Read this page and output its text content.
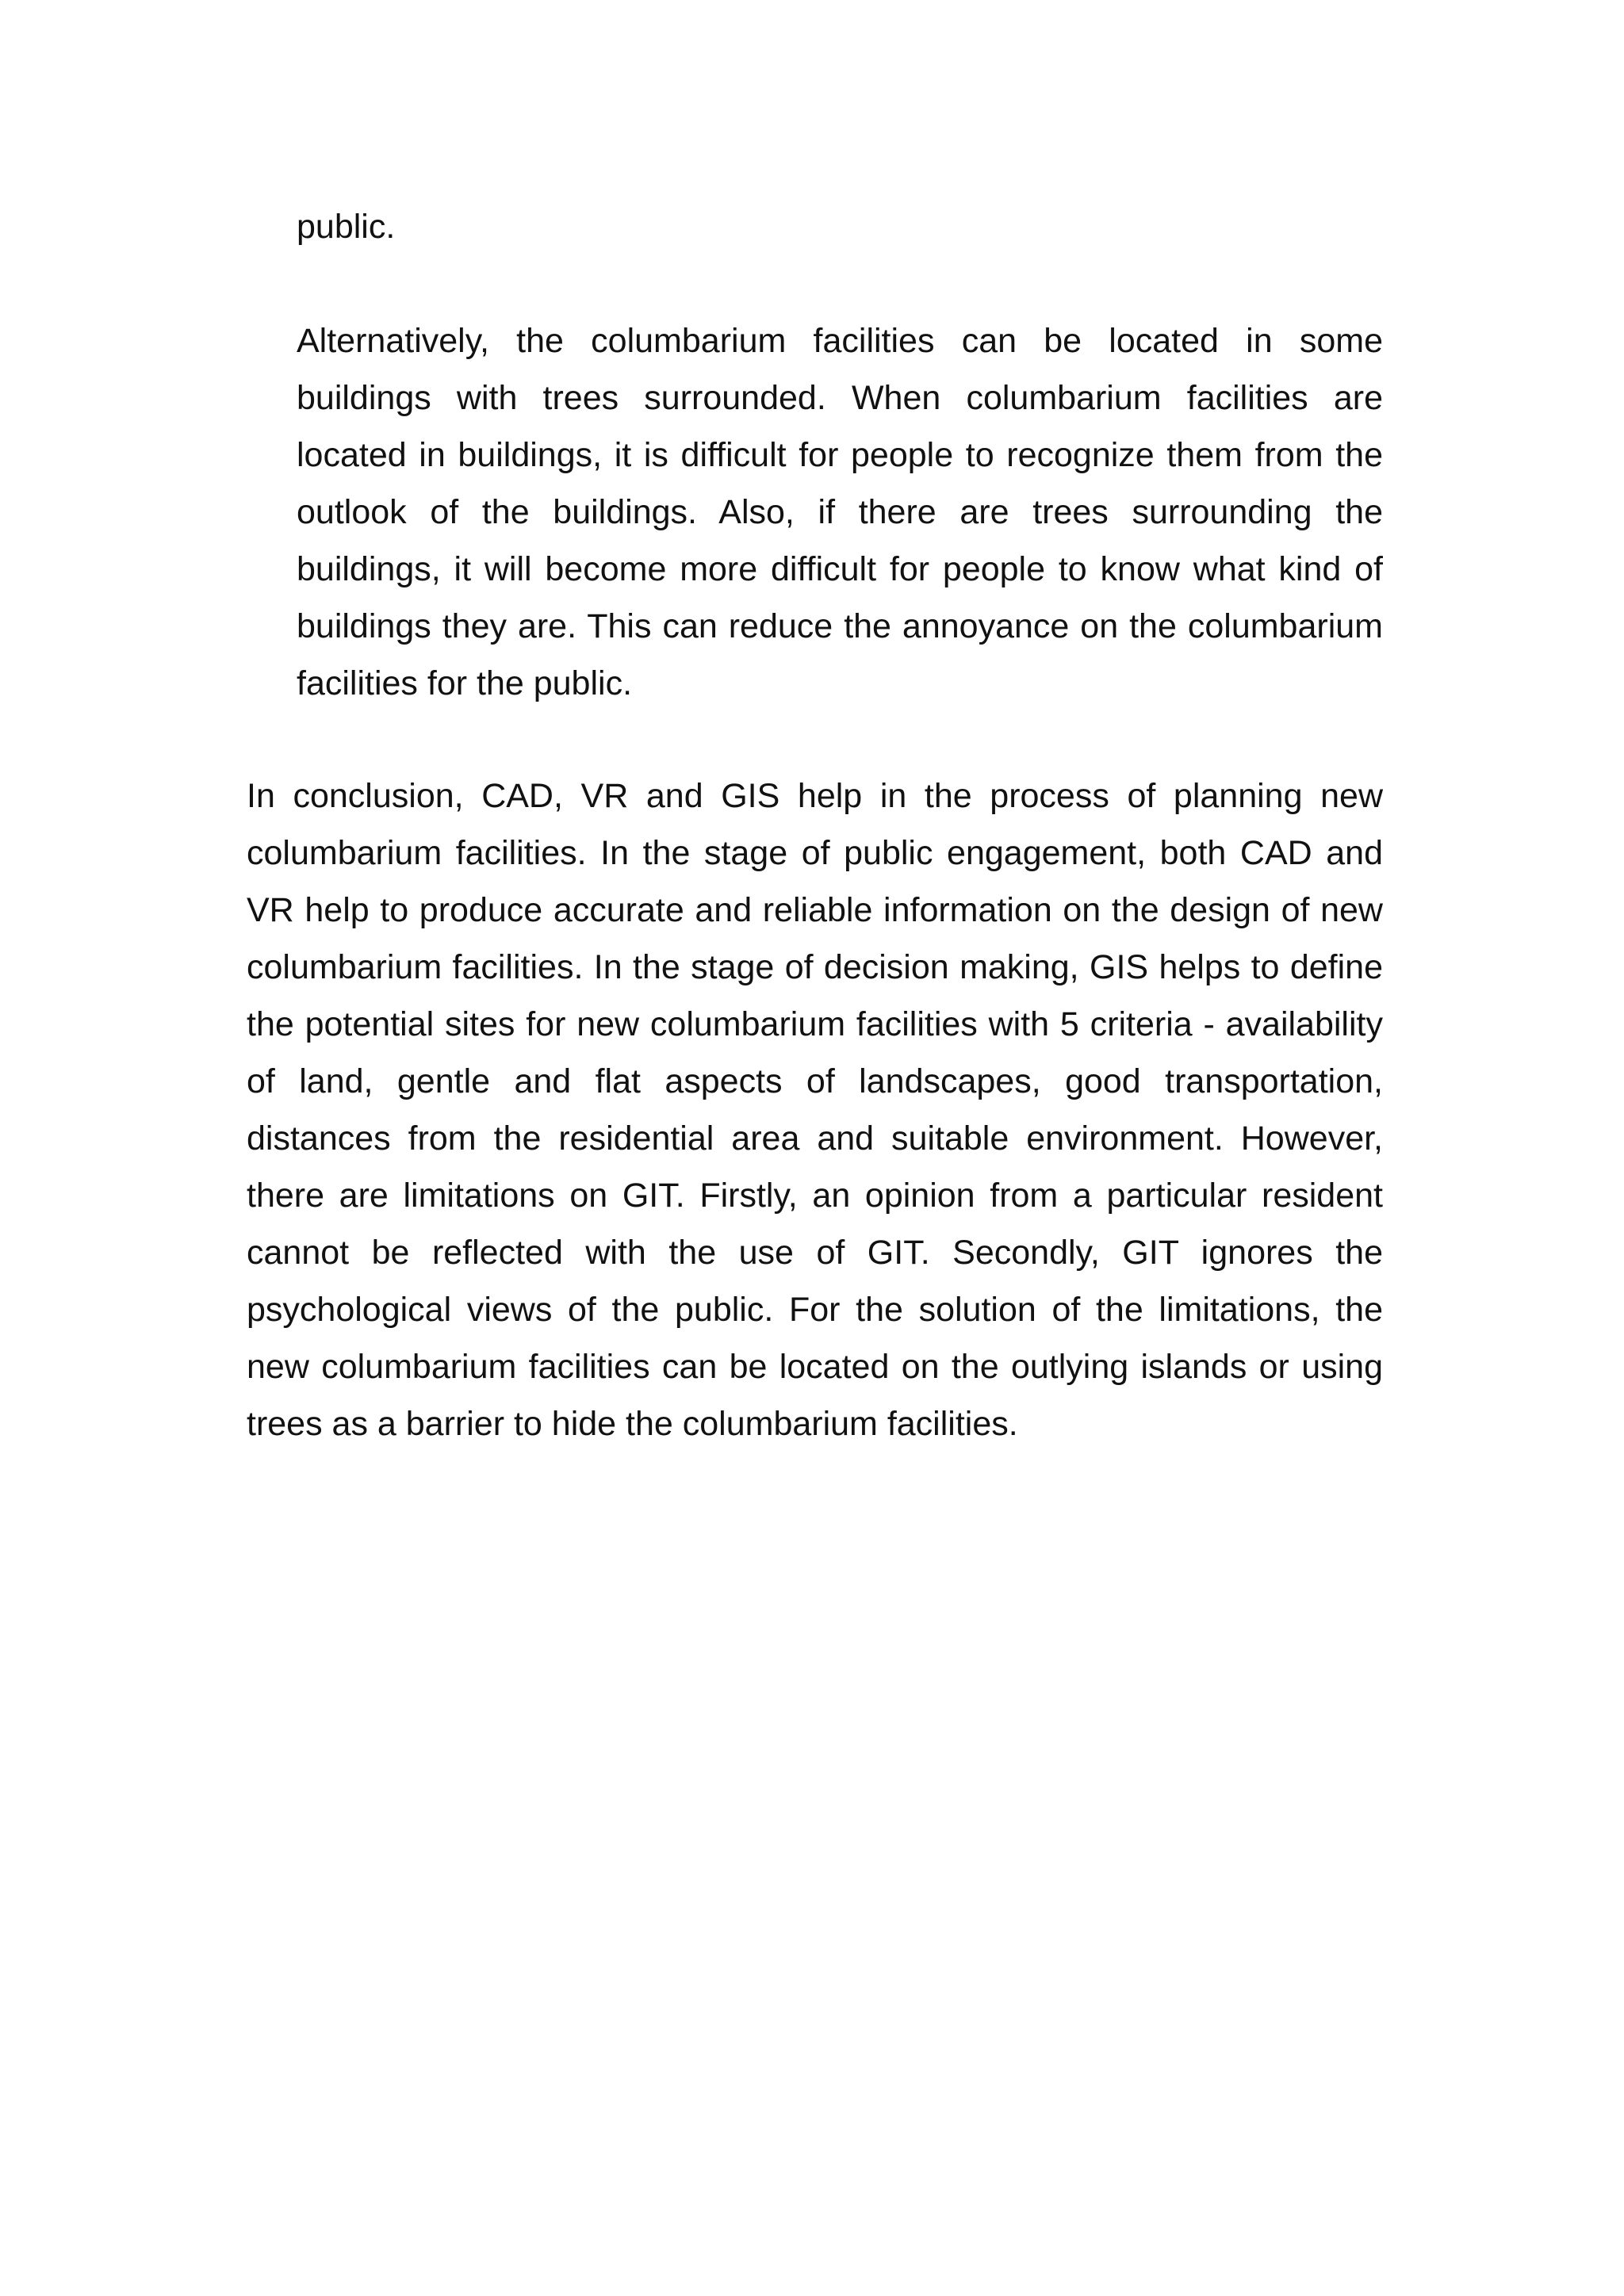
public.

Alternatively, the columbarium facilities can be located in some buildings with trees surrounded. When columbarium facilities are located in buildings, it is difficult for people to recognize them from the outlook of the buildings. Also, if there are trees surrounding the buildings, it will become more difficult for people to know what kind of buildings they are. This can reduce the annoyance on the columbarium facilities for the public.

In conclusion, CAD, VR and GIS help in the process of planning new columbarium facilities. In the stage of public engagement, both CAD and VR help to produce accurate and reliable information on the design of new columbarium facilities. In the stage of decision making, GIS helps to define the potential sites for new columbarium facilities with 5 criteria - availability of land, gentle and flat aspects of landscapes, good transportation, distances from the residential area and suitable environment. However, there are limitations on GIT. Firstly, an opinion from a particular resident cannot be reflected with the use of GIT. Secondly, GIT ignores the psychological views of the public. For the solution of the limitations, the new columbarium facilities can be located on the outlying islands or using trees as a barrier to hide the columbarium facilities.
